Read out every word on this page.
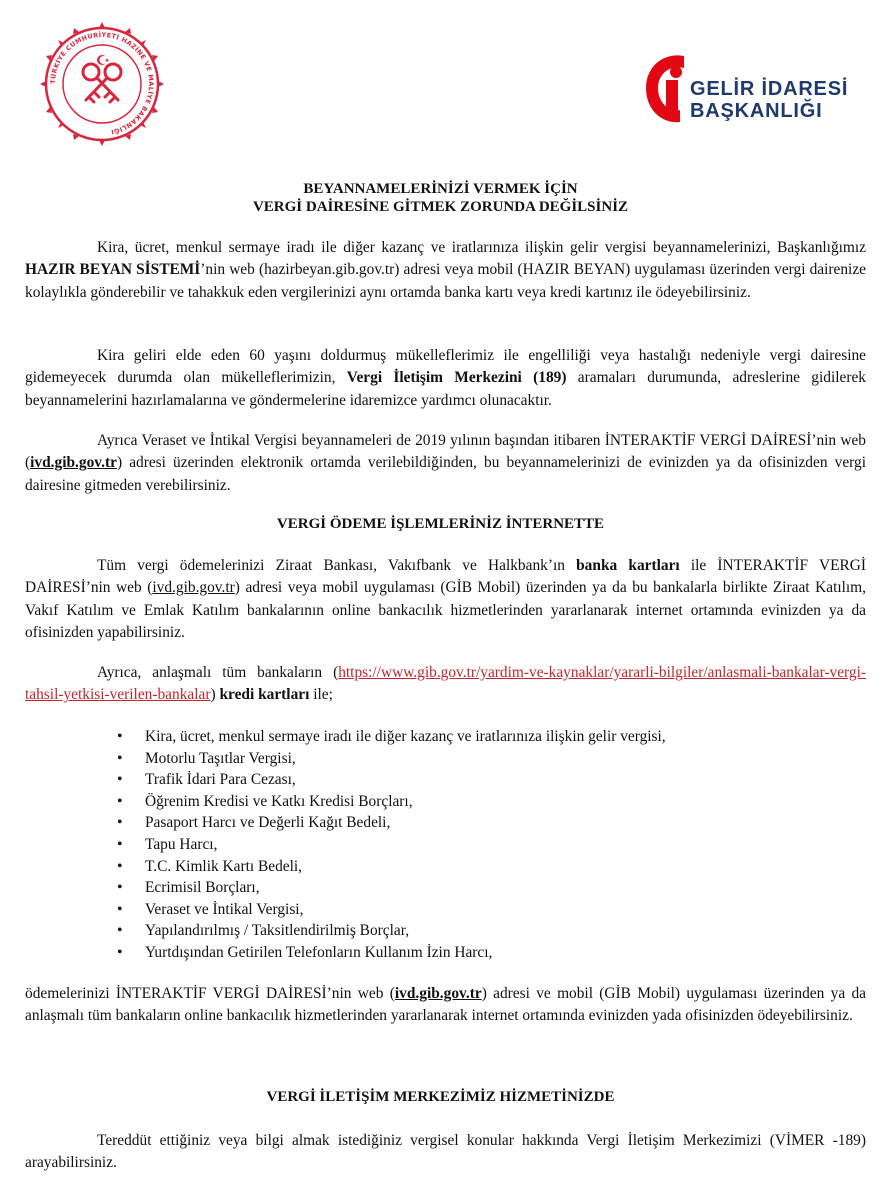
TÜRKİYE CUMHURİYETİ HAZİNE VE MALİYE BAKANLIĞI
GELİR İDARESİ
BAŞKANLIĞI
BEYANNAMELERİNİZİ VERMEK İÇİN
VERGİ DAİRESİNE GİTMEK ZORUNDA DEĞİLSİNİZ

Kira, ücret, menkul sermaye iradı ile diğer kazanç ve iratlarınıza ilişkin gelir vergisi beyannamelerinizi, Başkanlığımız HAZIR BEYAN SİSTEMİ’nin web (hazirbeyan.gib.gov.tr) adresi veya mobil (HAZIR BEYAN) uygulaması üzerinden vergi dairenize kolaylıkla gönderebilir ve tahakkuk eden vergilerinizi aynı ortamda banka kartı veya kredi kartınız ile ödeyebilirsiniz.

Kira geliri elde eden 60 yaşını doldurmuş mükelleflerimiz ile engelliliği veya hastalığı nedeniyle vergi dairesine gidemeyecek durumda olan mükelleflerimizin, Vergi İletişim Merkezini (189) aramaları durumunda, adreslerine gidilerek beyannamelerini hazırlamalarına ve göndermelerine idaremizce yardımcı olunacaktır.

Ayrıca Veraset ve İntikal Vergisi beyannameleri de 2019 yılının başından itibaren İNTERAKTİF VERGİ DAİRESİ’nin web (ivd.gib.gov.tr) adresi üzerinden elektronik ortamda verilebildiğinden, bu beyannamelerinizi de evinizden ya da ofisinizden vergi dairesine gitmeden verebilirsiniz.

VERGİ ÖDEME İŞLEMLERİNİZ İNTERNETTE

Tüm vergi ödemelerinizi Ziraat Bankası, Vakıfbank ve Halkbank’ın banka kartları ile İNTERAKTİF VERGİ DAİRESİ’nin web (ivd.gib.gov.tr) adresi veya mobil uygulaması (GİB Mobil) üzerinden ya da bu bankalarla birlikte Ziraat Katılım, Vakıf Katılım ve Emlak Katılım bankalarının online bankacılık hizmetlerinden yararlanarak internet ortamında evinizden ya da ofisinizden yapabilirsiniz.

Ayrıca, anlaşmalı tüm bankaların (https://www.gib.gov.tr/yardim-ve-kaynaklar/yararli-bilgiler/anlasmali-bankalar-vergi-tahsil-yetkisi-verilen-bankalar) kredi kartları ile;

• Kira, ücret, menkul sermaye iradı ile diğer kazanç ve iratlarınıza ilişkin gelir vergisi,
• Motorlu Taşıtlar Vergisi,
• Trafik İdari Para Cezası,
• Öğrenim Kredisi ve Katkı Kredisi Borçları,
• Pasaport Harcı ve Değerli Kağıt Bedeli,
• Tapu Harcı,
• T.C. Kimlik Kartı Bedeli,
• Ecrimisil Borçları,
• Veraset ve İntikal Vergisi,
• Yapılandırılmış / Taksitlendirilmiş Borçlar,
• Yurtdışından Getirilen Telefonların Kullanım İzin Harcı,

ödemelerinizi İNTERAKTİF VERGİ DAİRESİ’nin web (ivd.gib.gov.tr) adresi ve mobil (GİB Mobil) uygulaması üzerinden ya da anlaşmalı tüm bankaların online bankacılık hizmetlerinden yararlanarak internet ortamında evinizden yada ofisinizden ödeyebilirsiniz.

VERGİ İLETİŞİM MERKEZİMİZ HİZMETİNİZDE

Tereddüt ettiğiniz veya bilgi almak istediğiniz vergisel konular hakkında Vergi İletişim Merkezimizi (VİMER -189) arayabilirsiniz.
